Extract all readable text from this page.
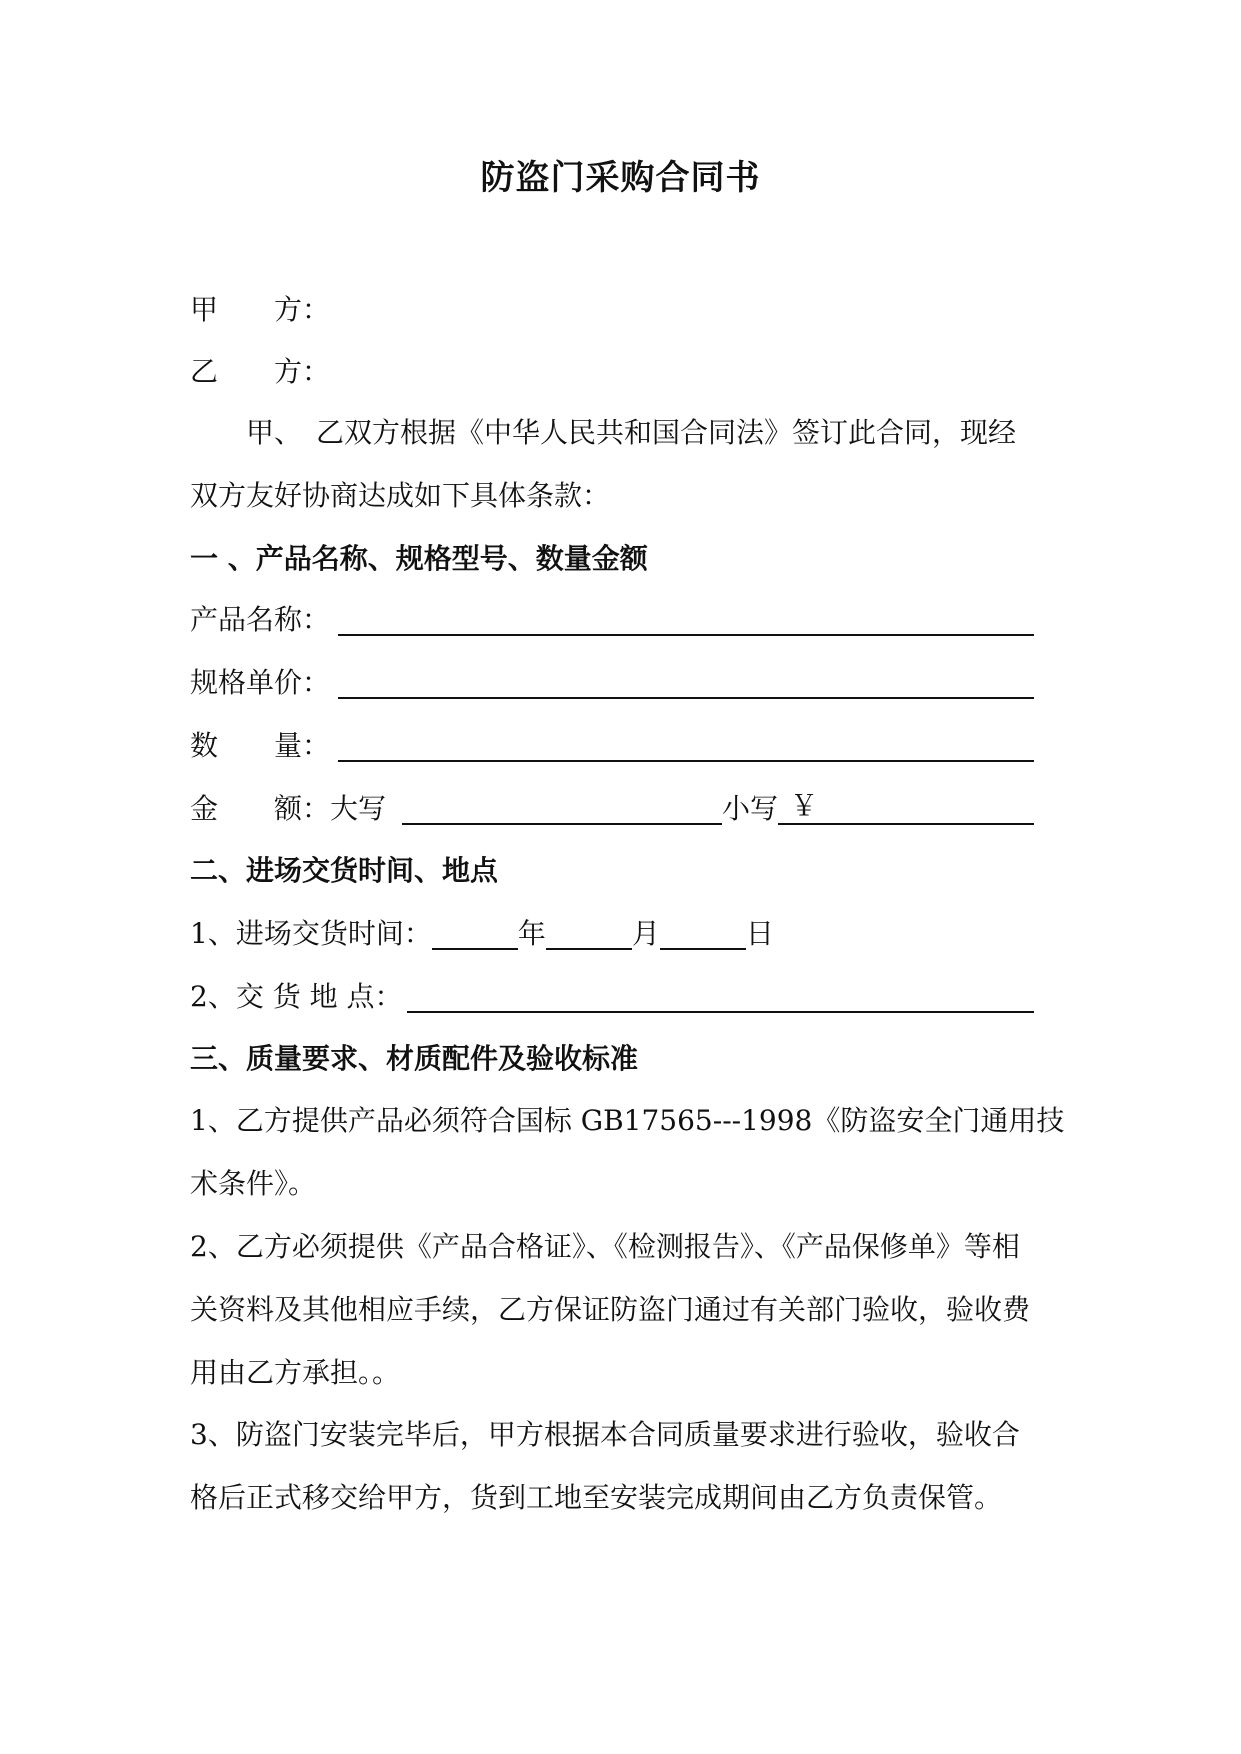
防盗门采购合同书
甲　　方：
乙　　方：
　　甲、　乙双方根据《中华人民共和国合同法》签订此合同，现经
双方友好协商达成如下具体条款：
一 、产品名称、规格型号、数量金额
产品名称：
规格单价：
数　　量：
金　　额：大写	小写 ￥
二、进场交货时间、地点
1、进场交货时间：	年	月	日
2、交 货 地 点：
三、质量要求、材质配件及验收标准
1、乙方提供产品必须符合国标 GB17565---1998《防盗安全门通用技
术条件》。
2、乙方必须提供《产品合格证》、《检测报告》、《产品保修单》等相
关资料及其他相应手续，乙方保证防盗门通过有关部门验收，验收费
用由乙方承担。。
3、防盗门安装完毕后，甲方根据本合同质量要求进行验收，验收合
格后正式移交给甲方，货到工地至安装完成期间由乙方负责保管。
